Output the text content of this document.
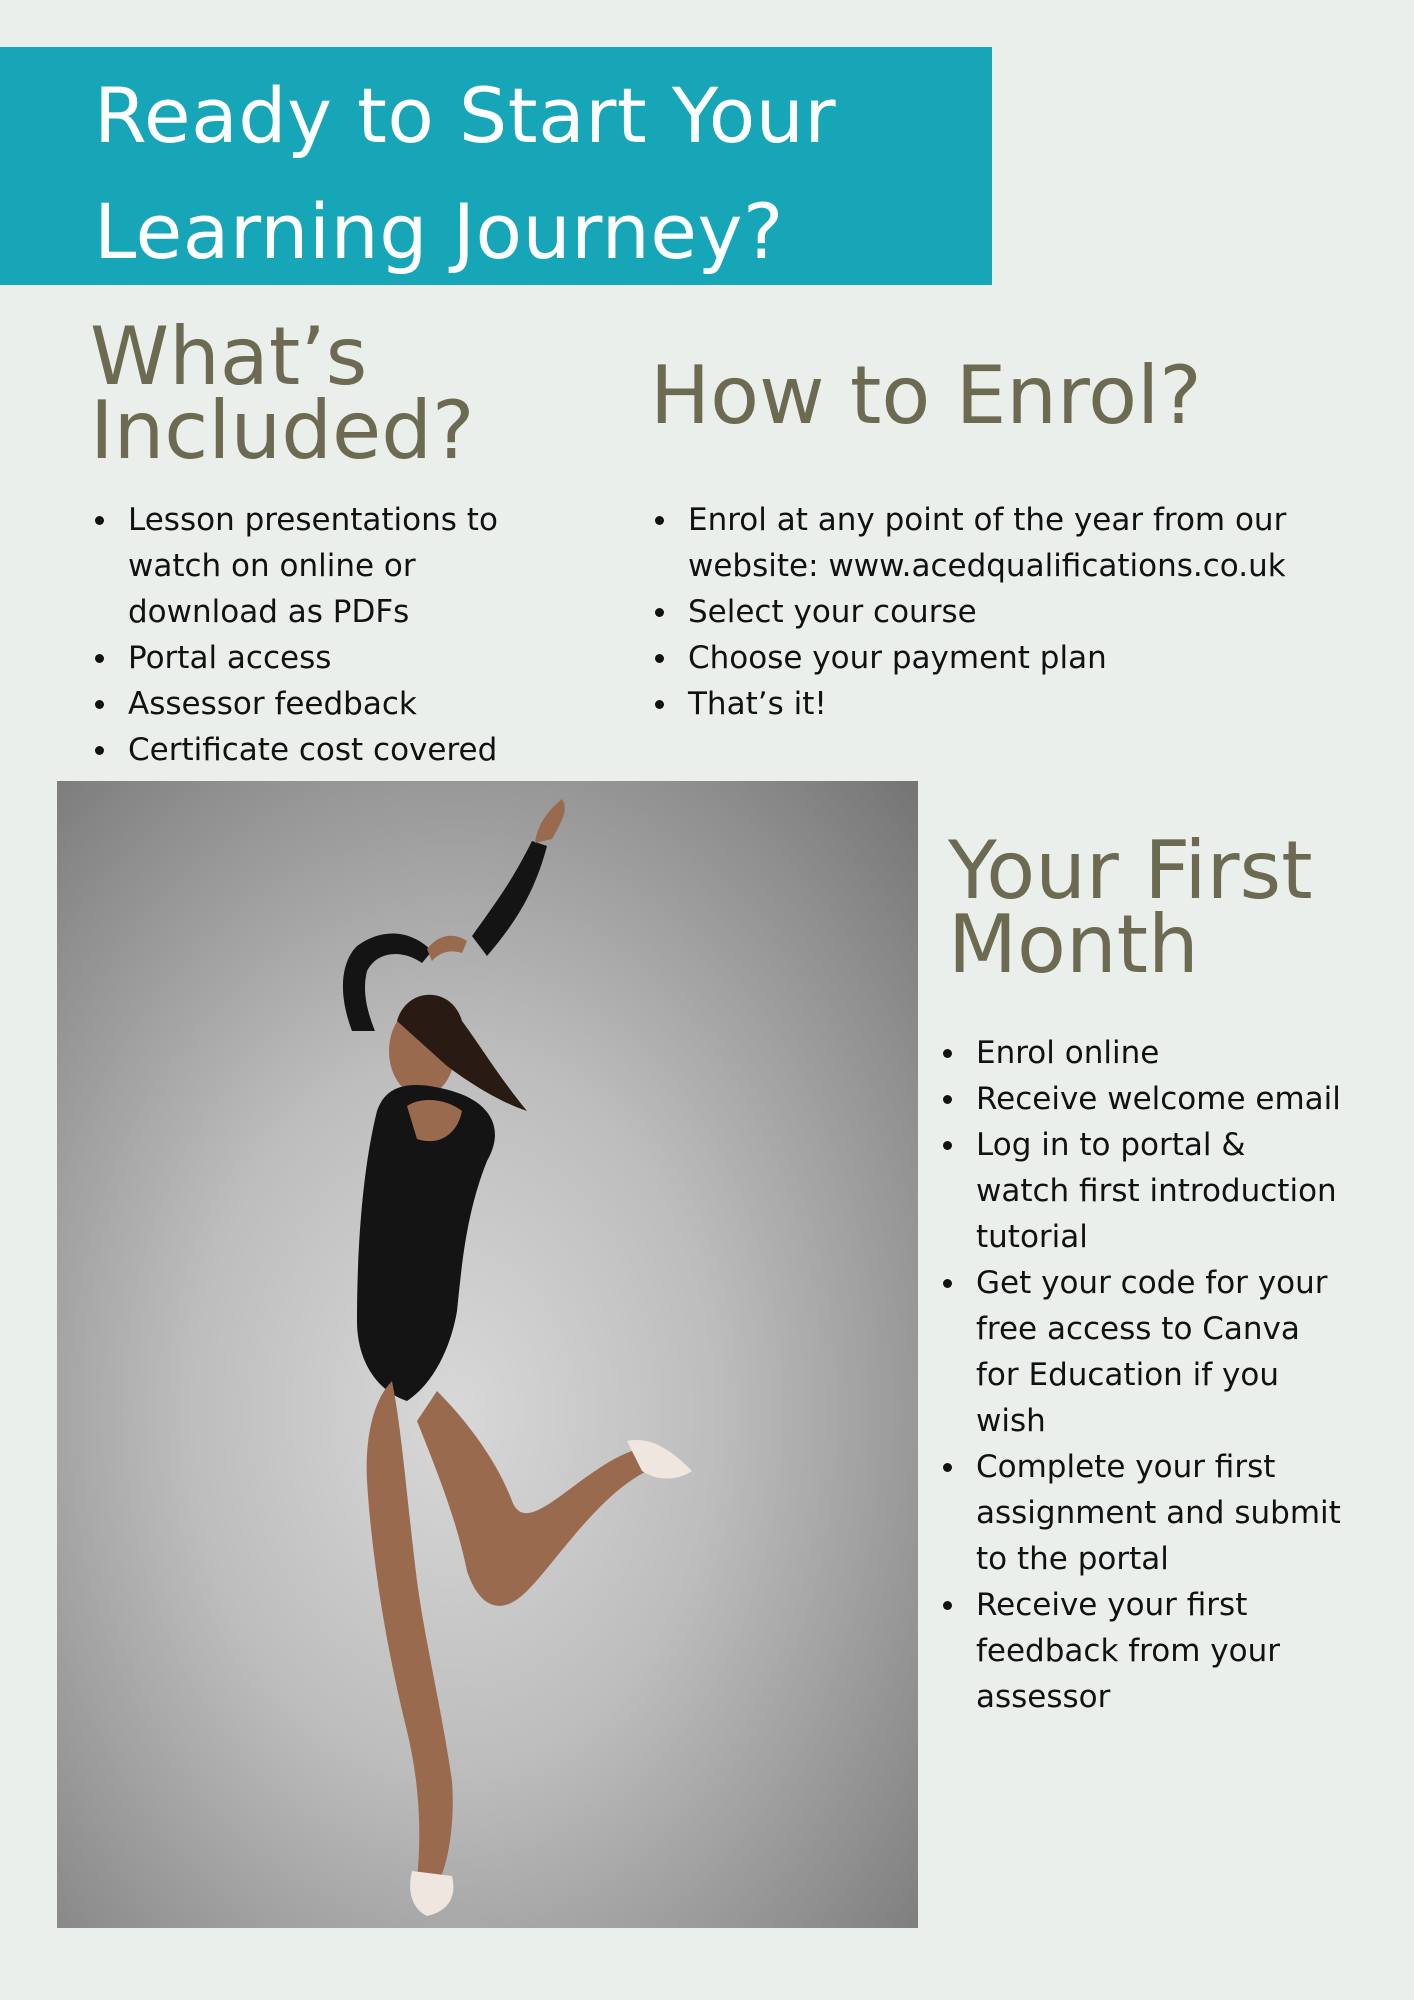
Ready to Start Your Learning Journey?
What’s Included?	How to Enrol?
Lesson presentations to watch on online or download as PDFs
Portal access
Assessor feedback
Certificate cost covered
Enrol at any point of the year from our website: www.acedqualifications.co.uk
Select your course
Choose your payment plan
That’s it!
Your First Month
Enrol online
Receive welcome email
Log in to portal & watch first introduction tutorial
Get your code for your free access to Canva for Education if you wish
Complete your first assignment and submit to the portal
Receive your first feedback from your assessor
